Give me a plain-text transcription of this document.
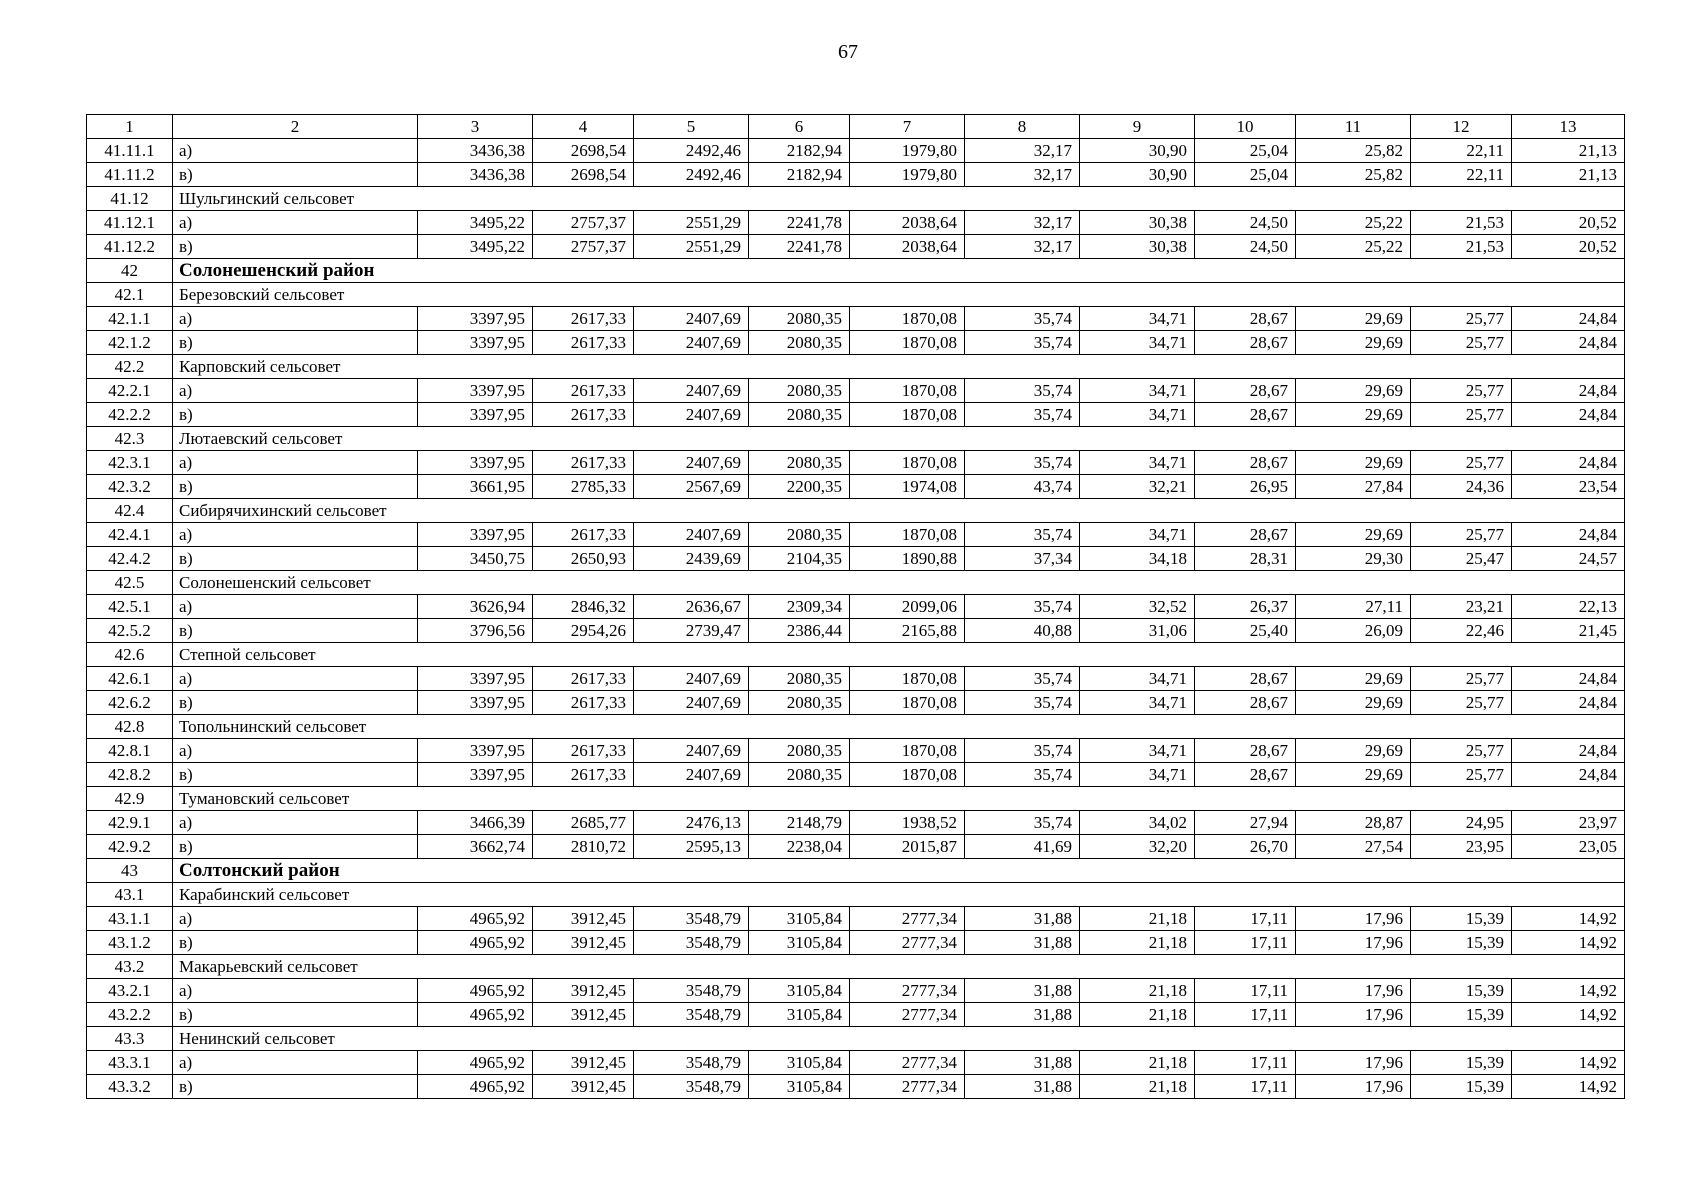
67
1	2	3	4	5	6	7	8	9	10	11	12	13
41.11.1	а)	3436,38	2698,54	2492,46	2182,94	1979,80	32,17	30,90	25,04	25,82	22,11	21,13
41.11.2	в)	3436,38	2698,54	2492,46	2182,94	1979,80	32,17	30,90	25,04	25,82	22,11	21,13
41.12	Шульгинский сельсовет											
41.12.1	а)	3495,22	2757,37	2551,29	2241,78	2038,64	32,17	30,38	24,50	25,22	21,53	20,52
41.12.2	в)	3495,22	2757,37	2551,29	2241,78	2038,64	32,17	30,38	24,50	25,22	21,53	20,52
42	Солонешенский район											
42.1	Березовский сельсовет											
42.1.1	а)	3397,95	2617,33	2407,69	2080,35	1870,08	35,74	34,71	28,67	29,69	25,77	24,84
42.1.2	в)	3397,95	2617,33	2407,69	2080,35	1870,08	35,74	34,71	28,67	29,69	25,77	24,84
42.2	Карповский сельсовет											
42.2.1	а)	3397,95	2617,33	2407,69	2080,35	1870,08	35,74	34,71	28,67	29,69	25,77	24,84
42.2.2	в)	3397,95	2617,33	2407,69	2080,35	1870,08	35,74	34,71	28,67	29,69	25,77	24,84
42.3	Лютаевский сельсовет											
42.3.1	а)	3397,95	2617,33	2407,69	2080,35	1870,08	35,74	34,71	28,67	29,69	25,77	24,84
42.3.2	в)	3661,95	2785,33	2567,69	2200,35	1974,08	43,74	32,21	26,95	27,84	24,36	23,54
42.4	Сибирячихинский сельсовет											
42.4.1	а)	3397,95	2617,33	2407,69	2080,35	1870,08	35,74	34,71	28,67	29,69	25,77	24,84
42.4.2	в)	3450,75	2650,93	2439,69	2104,35	1890,88	37,34	34,18	28,31	29,30	25,47	24,57
42.5	Солонешенский сельсовет											
42.5.1	а)	3626,94	2846,32	2636,67	2309,34	2099,06	35,74	32,52	26,37	27,11	23,21	22,13
42.5.2	в)	3796,56	2954,26	2739,47	2386,44	2165,88	40,88	31,06	25,40	26,09	22,46	21,45
42.6	Степной сельсовет											
42.6.1	а)	3397,95	2617,33	2407,69	2080,35	1870,08	35,74	34,71	28,67	29,69	25,77	24,84
42.6.2	в)	3397,95	2617,33	2407,69	2080,35	1870,08	35,74	34,71	28,67	29,69	25,77	24,84
42.8	Топольнинский сельсовет											
42.8.1	а)	3397,95	2617,33	2407,69	2080,35	1870,08	35,74	34,71	28,67	29,69	25,77	24,84
42.8.2	в)	3397,95	2617,33	2407,69	2080,35	1870,08	35,74	34,71	28,67	29,69	25,77	24,84
42.9	Тумановский сельсовет											
42.9.1	а)	3466,39	2685,77	2476,13	2148,79	1938,52	35,74	34,02	27,94	28,87	24,95	23,97
42.9.2	в)	3662,74	2810,72	2595,13	2238,04	2015,87	41,69	32,20	26,70	27,54	23,95	23,05
43	Солтонский район											
43.1	Карабинский сельсовет											
43.1.1	а)	4965,92	3912,45	3548,79	3105,84	2777,34	31,88	21,18	17,11	17,96	15,39	14,92
43.1.2	в)	4965,92	3912,45	3548,79	3105,84	2777,34	31,88	21,18	17,11	17,96	15,39	14,92
43.2	Макарьевский сельсовет											
43.2.1	а)	4965,92	3912,45	3548,79	3105,84	2777,34	31,88	21,18	17,11	17,96	15,39	14,92
43.2.2	в)	4965,92	3912,45	3548,79	3105,84	2777,34	31,88	21,18	17,11	17,96	15,39	14,92
43.3	Ненинский сельсовет											
43.3.1	а)	4965,92	3912,45	3548,79	3105,84	2777,34	31,88	21,18	17,11	17,96	15,39	14,92
43.3.2	в)	4965,92	3912,45	3548,79	3105,84	2777,34	31,88	21,18	17,11	17,96	15,39	14,92
